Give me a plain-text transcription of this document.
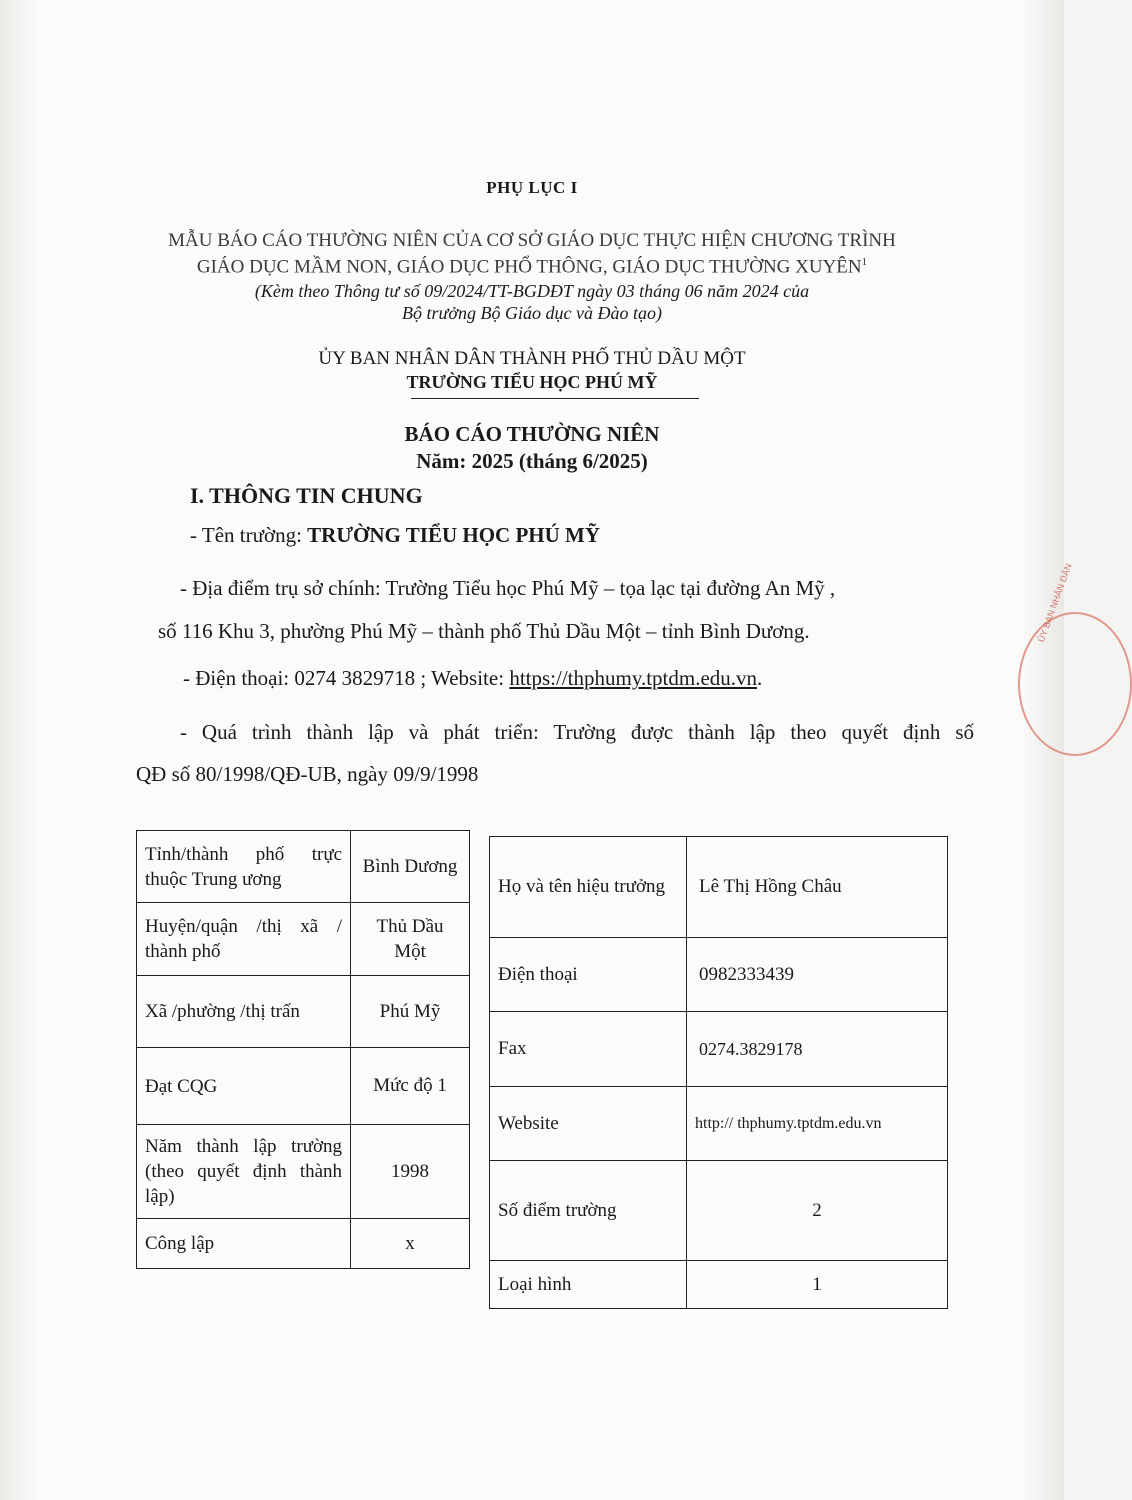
PHỤ LỤC I
MẪU BÁO CÁO THƯỜNG NIÊN CỦA CƠ SỞ GIÁO DỤC THỰC HIỆN CHƯƠNG TRÌNH
GIÁO DỤC MẦM NON, GIÁO DỤC PHỔ THÔNG, GIÁO DỤC THƯỜNG XUYÊN$^1$
(Kèm theo Thông tư số 09/2024/TT-BGDĐT ngày 03 tháng 06 năm 2024 của
Bộ trưởng Bộ Giáo dục và Đào tạo)
ỦY BAN NHÂN DÂN THÀNH PHỐ THỦ DẦU MỘT
TRƯỜNG TIỂU HỌC PHÚ MỸ
BÁO CÁO THƯỜNG NIÊN
Năm: 2025 (tháng 6/2025)
I. THÔNG TIN CHUNG
- Tên trường: TRƯỜNG TIỂU HỌC PHÚ MỸ
- Địa điểm trụ sở chính: Trường Tiểu học Phú Mỹ – tọa lạc tại đường An Mỹ ,
số 116 Khu 3, phường Phú Mỹ – thành phố Thủ Dầu Một – tỉnh Bình Dương.
- Điện thoại: 0274 3829718 ; Website: https://thphumy.tptdm.edu.vn.
- Quá trình thành lập và phát triển: Trường được thành lập theo quyết định số
QĐ số 80/1998/QĐ-UB, ngày 09/9/1998
Tỉnh/thành phố trực thuộc Trung ương	Bình Dương
Huyện/quận /thị xã / thành phố	Thủ Dầu Một
Xã /phường /thị trấn	Phú Mỹ
Đạt CQG	Mức độ 1
Năm thành lập trường (theo quyết định thành lập)	1998
Công lập	x
Họ và tên hiệu trưởng	Lê Thị Hồng Châu
Điện thoại	0982333439
Fax	0274.3829178
Website	http:// thphumy.tptdm.edu.vn
Số điểm trường	2
Loại hình	1
ỦY BAN NHÂN DÂN
